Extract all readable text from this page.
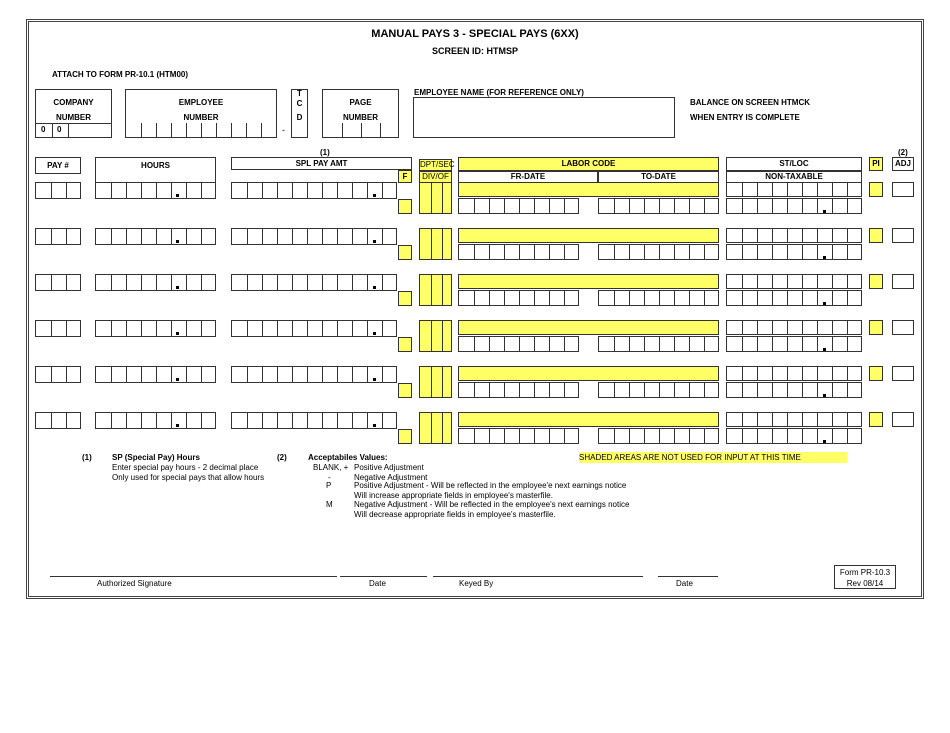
MANUAL PAYS 3 - SPECIAL PAYS (6XX)
SCREEN ID: HTMSP
ATTACH TO FORM PR-10.1 (HTM00)
COMPANY
NUMBER
0 0
EMPLOYEE
NUMBER
-
T
C
D
PAGE
NUMBER
EMPLOYEE NAME (FOR REFERENCE ONLY)
BALANCE ON SCREEN HTMCK
WHEN ENTRY IS COMPLETE
(1)	(2)
PAY #	HOURS	SPL PAY AMT
F
DPT/SEC
DIV/OF
LABOR CODE
FR-DATE	TO-DATE
ST/LOC
NON-TAXABLE
PI	ADJ
(1)	SP (Special Pay) Hours
Enter special pay hours - 2 decimal place
Only used for special pays that allow hours
(2)	Acceptabiles Values:
BLANK, + Positive Adjustment
-	Negative Adjustment
P	Positive Adjustment - Will be reflected in the employee'e next earnings notice
Will increase appropriate fields in employee's masterfile.
M	Negative Adjustment - Will be reflected in the employee's next earnings notice
Will decrease appropriate fields in employee's masterfile.
SHADED AREAS ARE NOT USED FOR INPUT AT THIS TIME
Authorized Signature	Date	Keyed By	Date
Form PR-10.3
Rev 08/14
